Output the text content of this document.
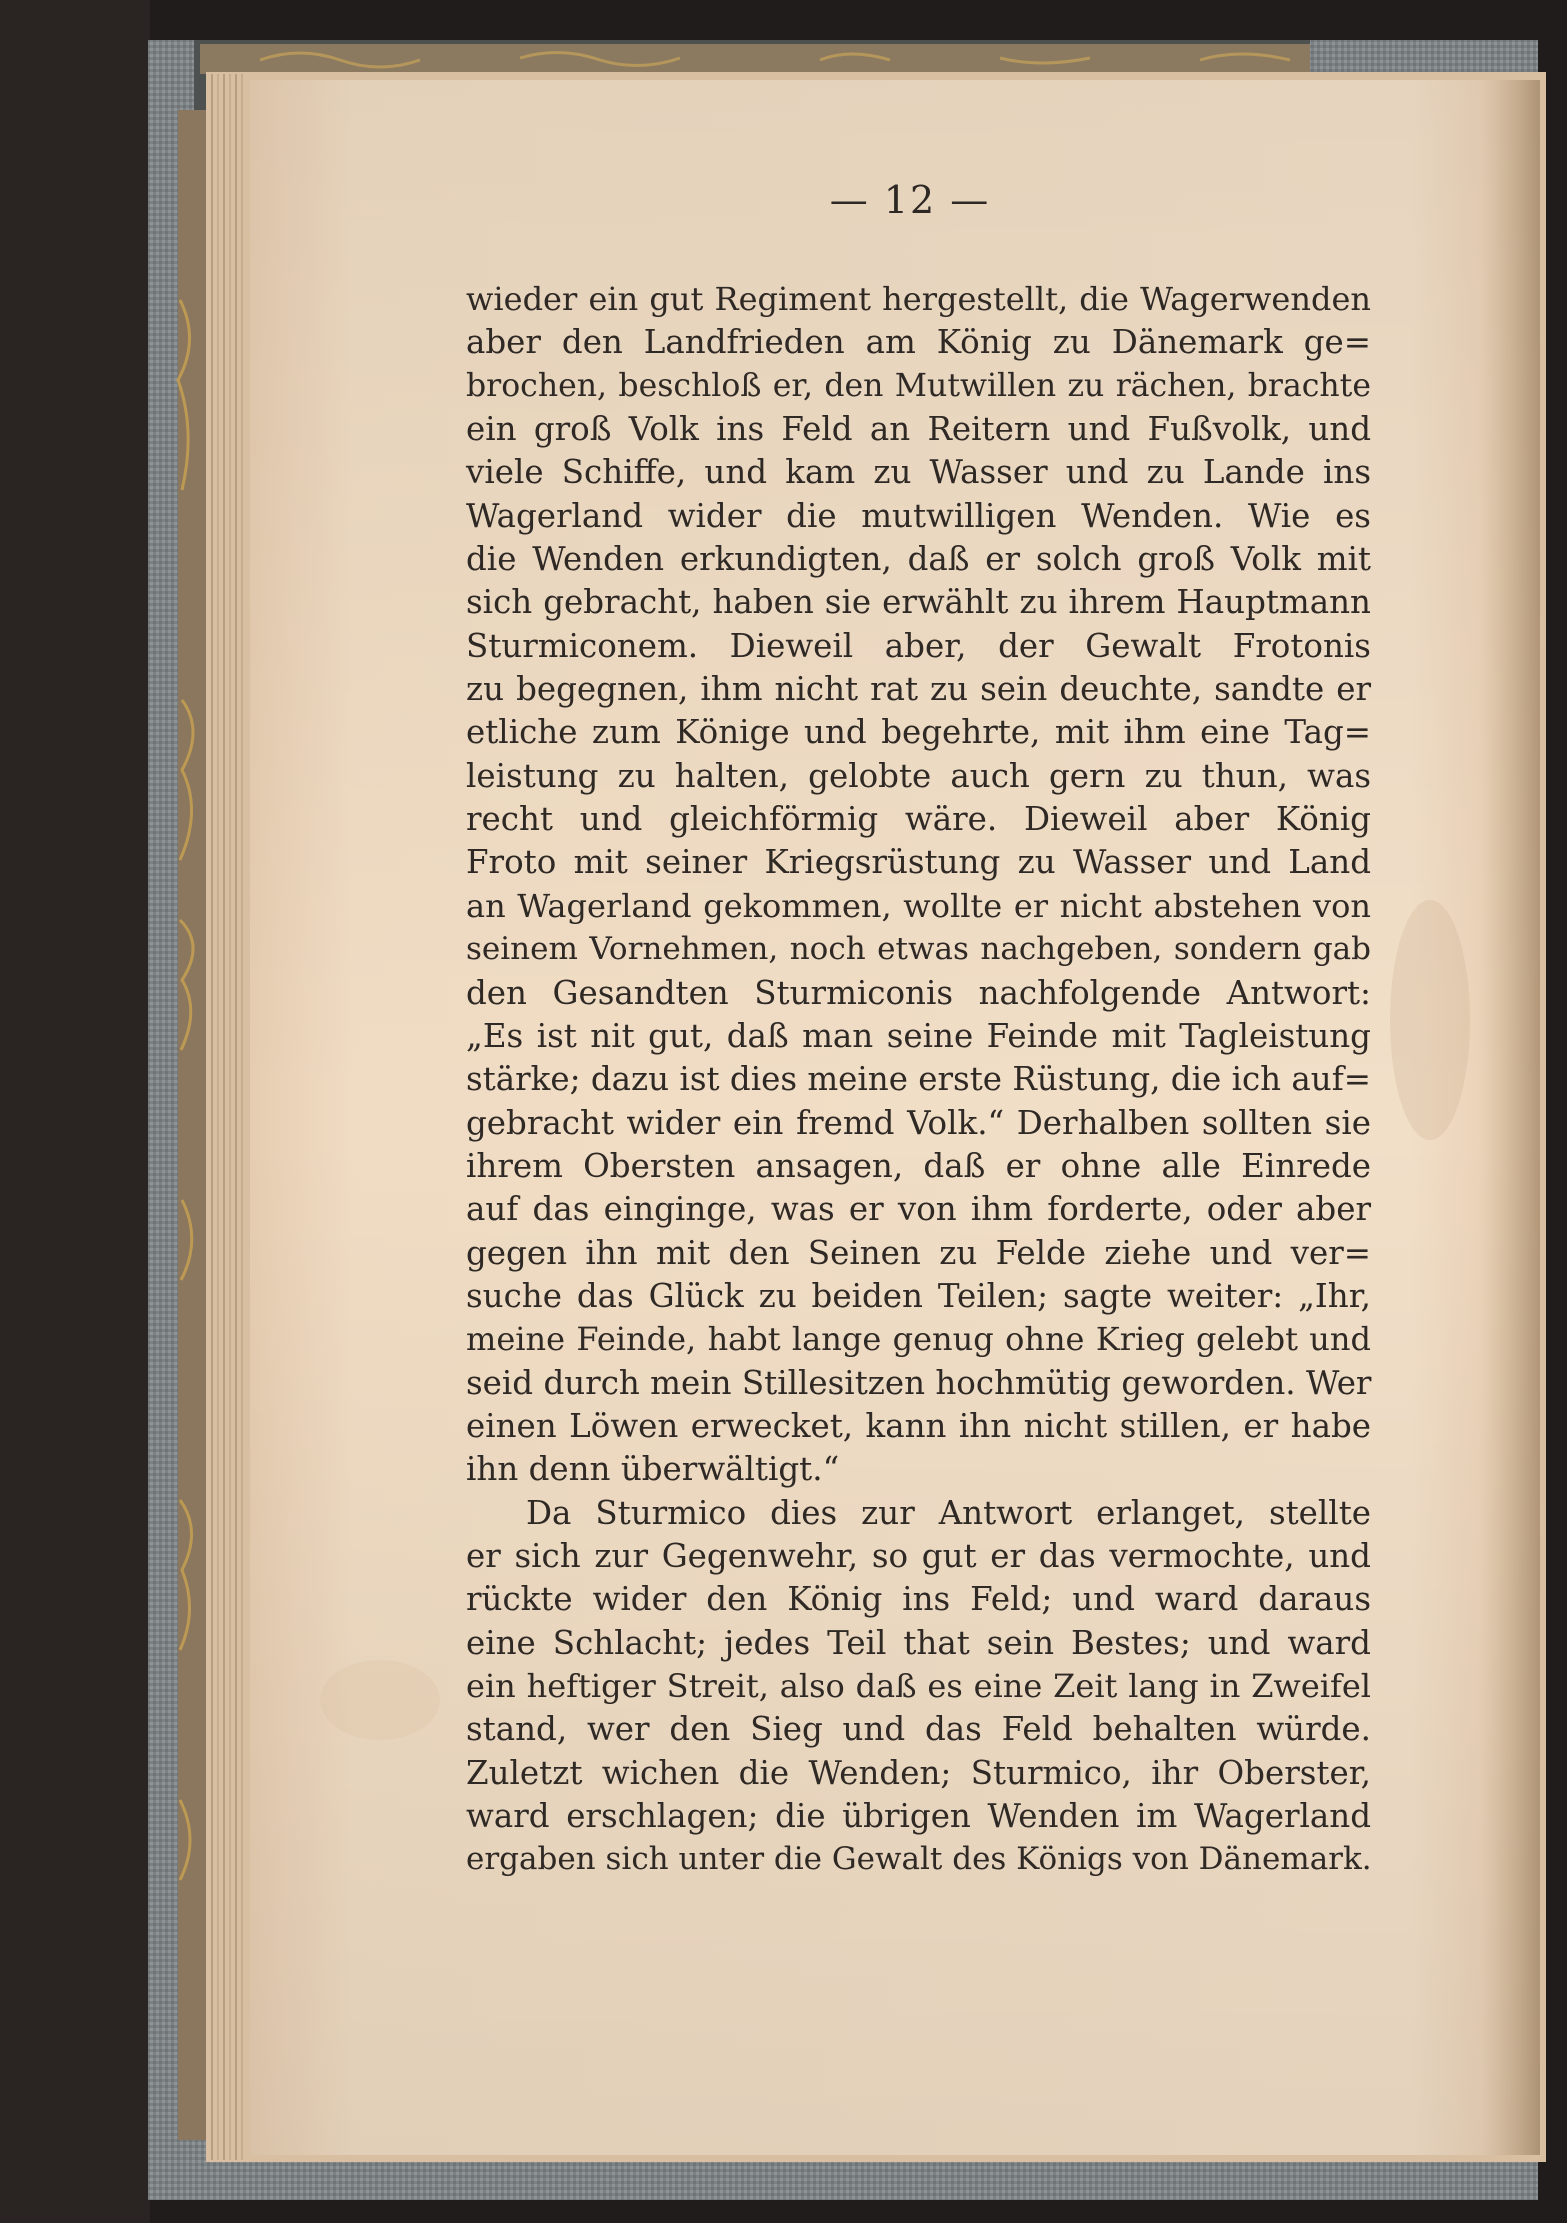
— 12 —
wieder ein gut Regiment hergestellt, die Wagerwenden
aber den Landfrieden am König zu Dänemark ge=
brochen, beschloß er, den Mutwillen zu rächen, brachte
ein groß Volk ins Feld an Reitern und Fußvolk, und
viele Schiffe, und kam zu Wasser und zu Lande ins
Wagerland wider die mutwilligen Wenden. Wie es
die Wenden erkundigten, daß er solch groß Volk mit
sich gebracht, haben sie erwählt zu ihrem Hauptmann
Sturmiconem. Dieweil aber, der Gewalt Frotonis
zu begegnen, ihm nicht rat zu sein deuchte, sandte er
etliche zum Könige und begehrte, mit ihm eine Tag=
leistung zu halten, gelobte auch gern zu thun, was
recht und gleichförmig wäre. Dieweil aber König
Froto mit seiner Kriegsrüstung zu Wasser und Land
an Wagerland gekommen, wollte er nicht abstehen von
seinem Vornehmen, noch etwas nachgeben, sondern gab
den Gesandten Sturmiconis nachfolgende Antwort:
„Es ist nit gut, daß man seine Feinde mit Tagleistung
stärke; dazu ist dies meine erste Rüstung, die ich auf=
gebracht wider ein fremd Volk.“ Derhalben sollten sie
ihrem Obersten ansagen, daß er ohne alle Einrede
auf das einginge, was er von ihm forderte, oder aber
gegen ihn mit den Seinen zu Felde ziehe und ver=
suche das Glück zu beiden Teilen; sagte weiter: „Ihr,
meine Feinde, habt lange genug ohne Krieg gelebt und
seid durch mein Stillesitzen hochmütig geworden. Wer
einen Löwen erwecket, kann ihn nicht stillen, er habe
ihn denn überwältigt.“
Da Sturmico dies zur Antwort erlanget, stellte
er sich zur Gegenwehr, so gut er das vermochte, und
rückte wider den König ins Feld; und ward daraus
eine Schlacht; jedes Teil that sein Bestes; und ward
ein heftiger Streit, also daß es eine Zeit lang in Zweifel
stand, wer den Sieg und das Feld behalten würde.
Zuletzt wichen die Wenden; Sturmico, ihr Oberster,
ward erschlagen; die übrigen Wenden im Wagerland
ergaben sich unter die Gewalt des Königs von Dänemark.
